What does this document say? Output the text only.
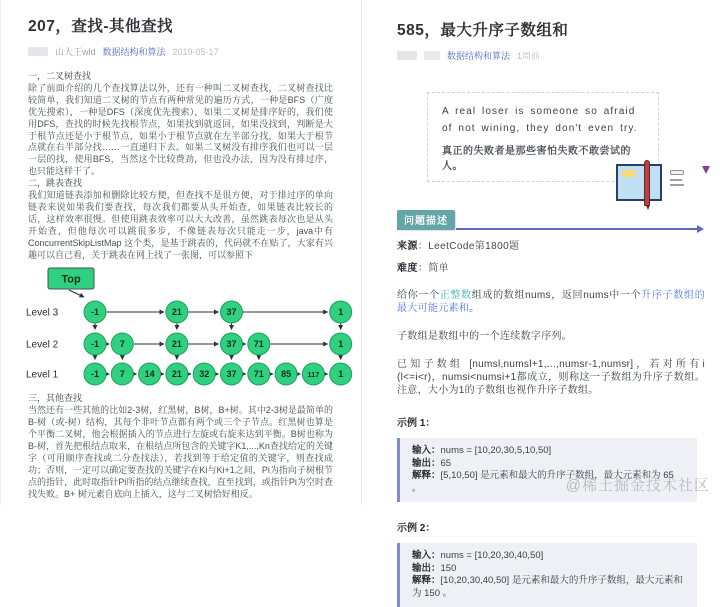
207，查找-其他查找
山大王wld 数据结构和算法 2019-05-17
一，二叉树查找
除了前面介绍的几个查找算法以外，还有一种叫二叉树查找，二叉树查找比较简单，我们知道二叉树的节点有两种常见的遍历方式，一种是BFS（广度优先搜索），一种是DFS（深度优先搜索），如果二叉树是排序好的，我们使用DFS，查找的时候先找根节点，如果找到就返回，如果没找到，判断是大于根节点还是小于根节点，如果小于根节点就在左半部分找，如果大于根节点就在右半部分找……一直递归下去。如果二叉树没有排序我们也可以一层一层的找，使用BFS，当然这个比较费劲，但也没办法，因为没有排过序，也只能这样干了。
二，跳表查找
我们知道链表添加和删除比较方便，但查找不是很方便，对于排过序的单向链表来说如果我们要查找，每次我们都要从头开始查，如果链表比较长的话，这样效率很慢。但使用跳表效率可以大大改善，虽然跳表每次也是从头开始查，但他每次可以跳很多步，不像链表每次只能走一步，java中有ConcurrentSkipListMap 这个类，是基于跳表的，代码就不在贴了，大家有兴趣可以自己看，关于跳表在网上找了一张图，可以参照下
Top
Level 3	-1	21	37	1
Level 2	-1 7	21	37 71	1
Level 1	-1 7 14 21 32 37 71 85 117 1
三，其他查找
当然还有一些其他的比如2-3树，红黑树，B树，B+树。其中2-3树是最简单的B-树（或-树）结构，其每个非叶节点都有两个或三个子节点。红黑树也算是个平衡二叉树，他会根据插入的节点进行左旋或右旋来达到平衡。B树也称为B-树，首先把根结点取来，在根结点所包含的关键字K1,...,Kn查找给定的关键字（可用顺序查找或二分查找法），若找到等于给定值的关键字，则查找成功；否则，一定可以确定要查找的关键字在Ki与Ki+1之间，Pi为指向子树根节点的指针，此时取指针Pi所指的结点继续查找，直至找到，或指针Pi为空时查找失败。B+ 树元素自底向上插入，这与二叉树恰好相反。
585，最大升序子数组和
数据结构和算法 1周前
A real loser is someone so afraid of not wining, they don't even try.
真正的失败者是那些害怕失败不敢尝试的人。
问题描述
来源：LeetCode第1800题
难度：简单
给你一个正整数组成的数组nums，返回nums中一个升序子数组的最大可能元素和。
子数组是数组中的一个连续数字序列。
已知子数组 [numsl,numsl+1,...,numsr-1,numsr]，若对所有i (l<=i<r)，numsi<numsi+1都成立，则称这一子数组为升序子数组。注意，大小为1的子数组也视作升序子数组。
示例 1：
输入：nums = [10,20,30,5,10,50]
输出：65
解释：[5,10,50] 是元素和最大的升序子数组，最大元素和为 65 。
示例 2：
输入：nums = [10,20,30,40,50]
输出：150
解释：[10,20,30,40,50] 是元素和最大的升序子数组，最大元素和为 150 。
@稀土掘金技术社区
